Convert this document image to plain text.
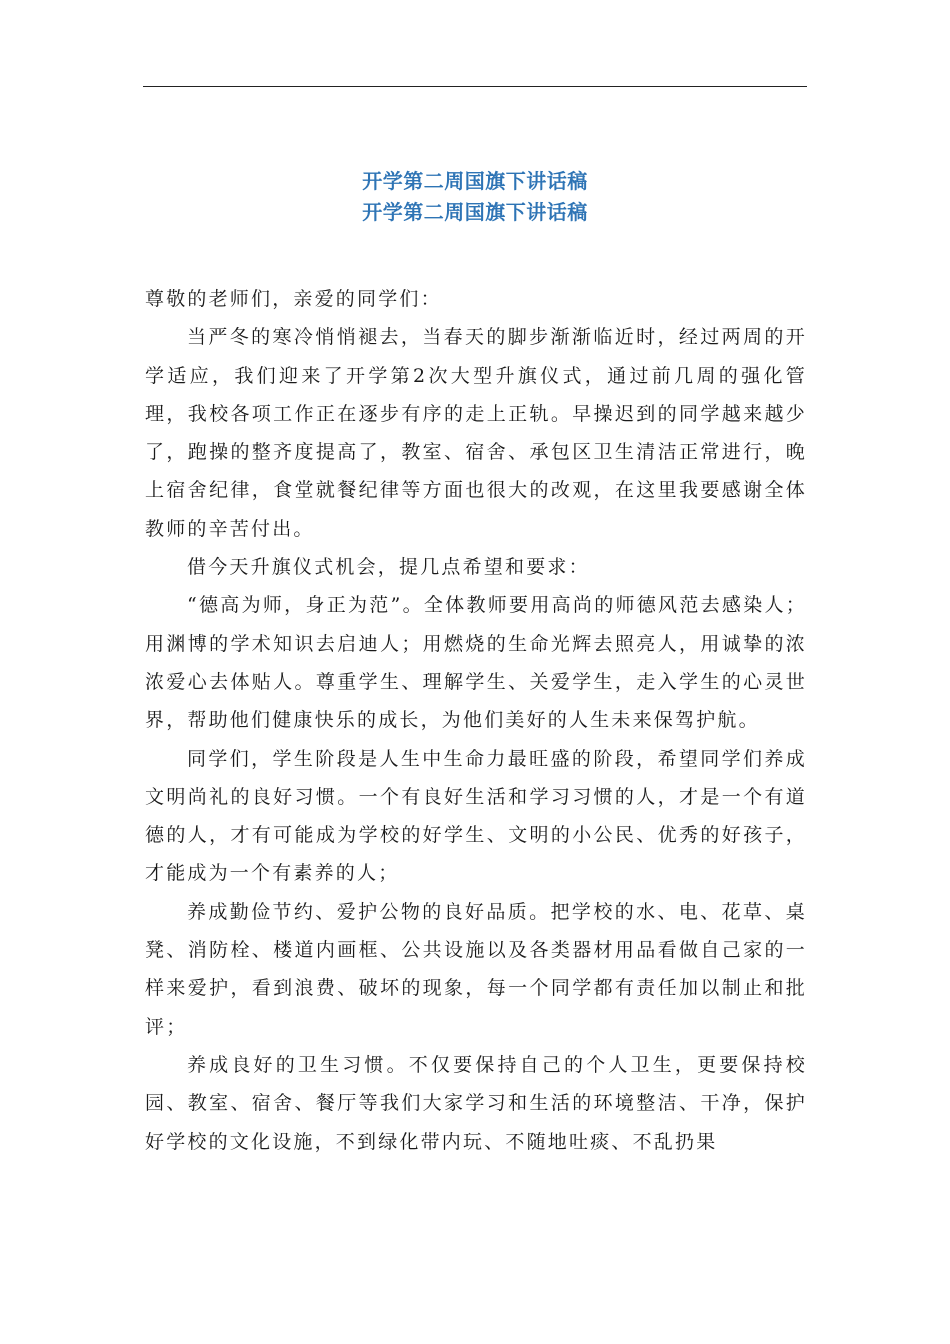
开学第二周国旗下讲话稿
开学第二周国旗下讲话稿

尊敬的老师们，亲爱的同学们：

当严冬的寒冷悄悄褪去，当春天的脚步渐渐临近时，经过两周的开学适应，我们迎来了开学第2次大型升旗仪式，通过前几周的强化管理，我校各项工作正在逐步有序的走上正轨。早操迟到的同学越来越少了，跑操的整齐度提高了，教室、宿舍、承包区卫生清洁正常进行，晚上宿舍纪律，食堂就餐纪律等方面也很大的改观，在这里我要感谢全体教师的辛苦付出。

借今天升旗仪式机会，提几点希望和要求：

“德高为师，身正为范”。全体教师要用高尚的师德风范去感染人；用渊博的学术知识去启迪人；用燃烧的生命光辉去照亮人，用诚挚的浓浓爱心去体贴人。尊重学生、理解学生、关爱学生，走入学生的心灵世界，帮助他们健康快乐的成长，为他们美好的人生未来保驾护航。

同学们，学生阶段是人生中生命力最旺盛的阶段，希望同学们养成文明尚礼的良好习惯。一个有良好生活和学习习惯的人，才是一个有道德的人，才有可能成为学校的好学生、文明的小公民、优秀的好孩子，才能成为一个有素养的人；

养成勤俭节约、爱护公物的良好品质。把学校的水、电、花草、桌凳、消防栓、楼道内画框、公共设施以及各类器材用品看做自己家的一样来爱护，看到浪费、破坏的现象，每一个同学都有责任加以制止和批评；

养成良好的卫生习惯。不仅要保持自己的个人卫生，更要保持校园、教室、宿舍、餐厅等我们大家学习和生活的环境整洁、干净，保护好学校的文化设施，不到绿化带内玩、不随地吐痰、不乱扔果
